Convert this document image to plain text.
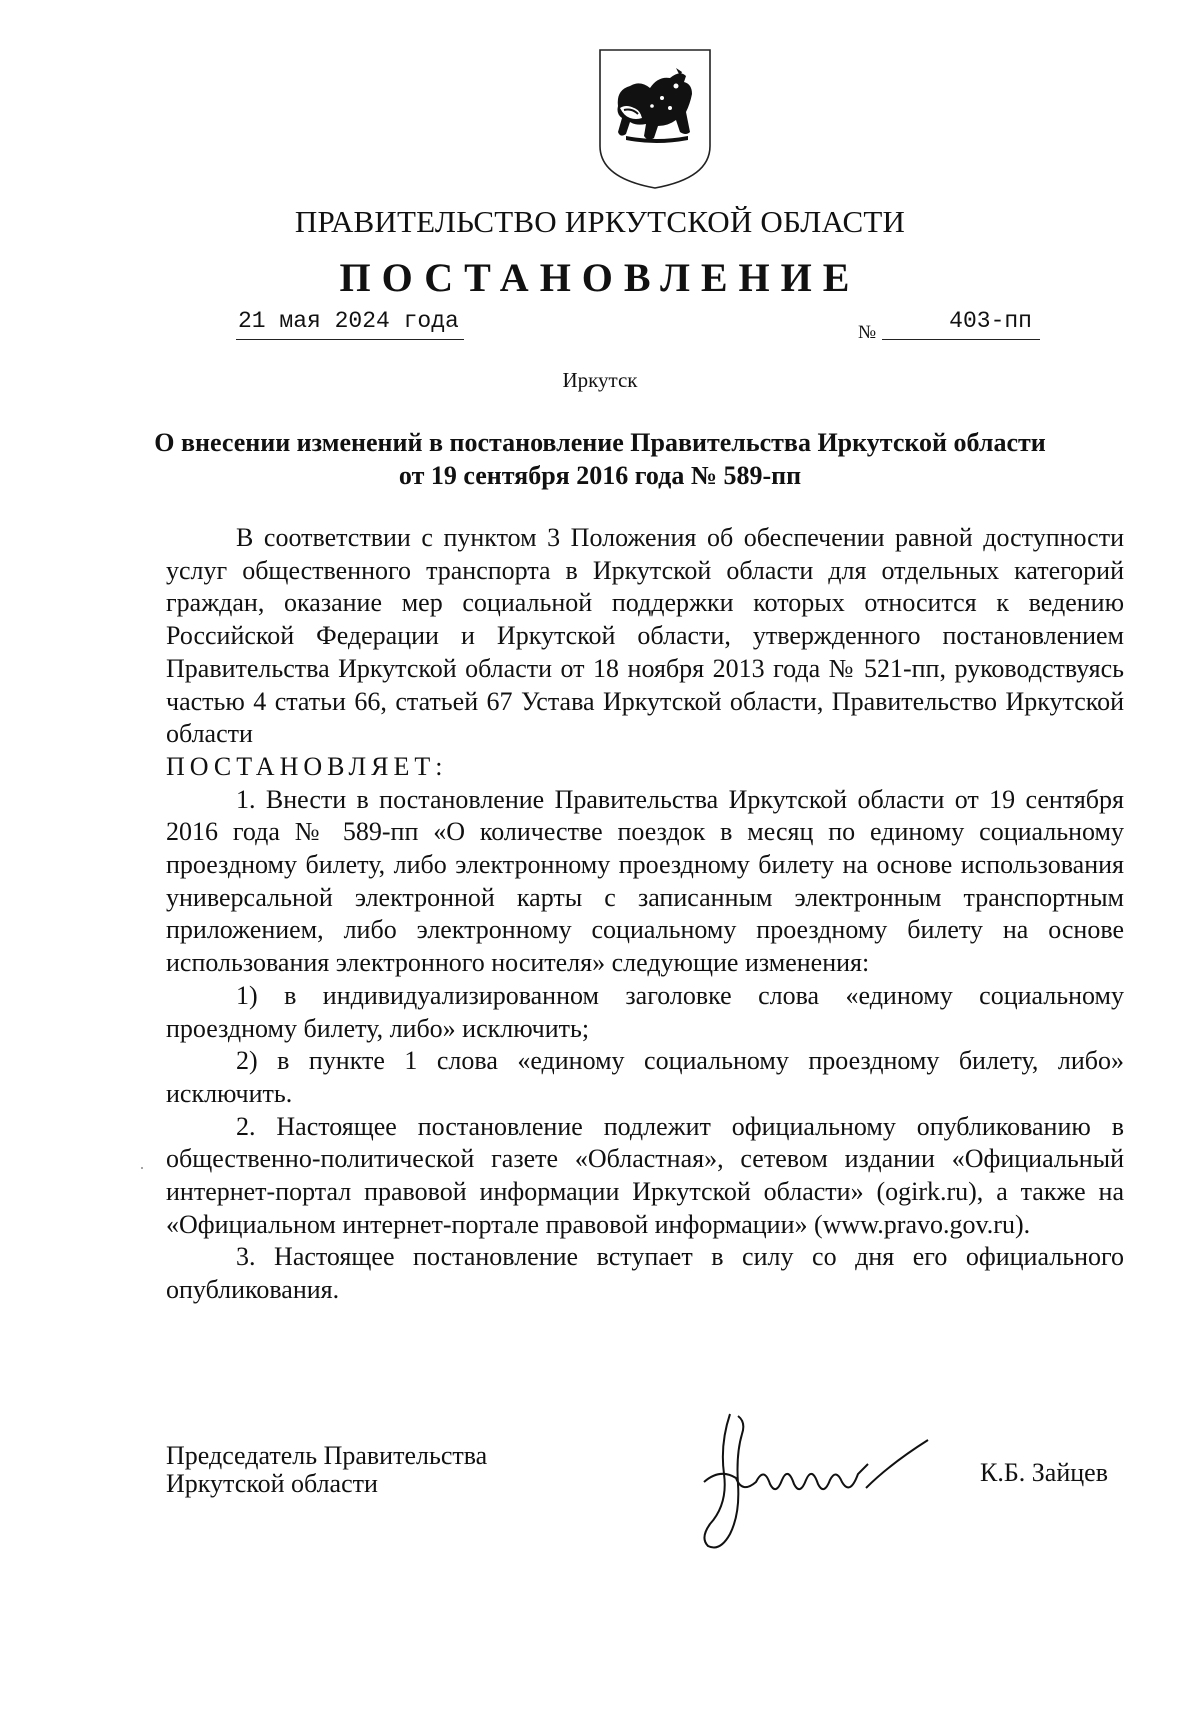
ПРАВИТЕЛЬСТВО ИРКУТСКОЙ ОБЛАСТИ
ПОСТАНОВЛЕНИЕ
21 мая 2024 года	№	403-пп
Иркутск
О внесении изменений в постановление Правительства Иркутской области
от 19 сентября 2016 года № 589-пп

В соответствии с пунктом 3 Положения об обеспечении равной доступности услуг общественного транспорта в Иркутской области для отдельных категорий граждан, оказание мер социальной поддержки которых относится к ведению Российской Федерации и Иркутской области, утвержденного постановлением Правительства Иркутской области от 18 ноября 2013 года № 521-пп, руководствуясь частью 4 статьи 66, статьей 67 Устава Иркутской области, Правительство Иркутской области

ПОСТАНОВЛЯЕТ:

1. Внести в постановление Правительства Иркутской области от 19 сентября 2016 года № 589-пп «О количестве поездок в месяц по единому социальному проездному билету, либо электронному проездному билету на основе использования универсальной электронной карты с записанным электронным транспортным приложением, либо электронному социальному проездному билету на основе использования электронного носителя» следующие изменения:

1) в индивидуализированном заголовке слова «единому социальному проездному билету, либо» исключить;

2) в пункте 1 слова «единому социальному проездному билету, либо» исключить.

2. Настоящее постановление подлежит официальному опубликованию в общественно-политической газете «Областная», сетевом издании «Официальный интернет-портал правовой информации Иркутской области» (ogirk.ru), а также на «Официальном интернет-портале правовой информации» (www.pravo.gov.ru).

3. Настоящее постановление вступает в силу со дня его официального опубликования.

Председатель Правительства
Иркутской области	К.Б. Зайцев
